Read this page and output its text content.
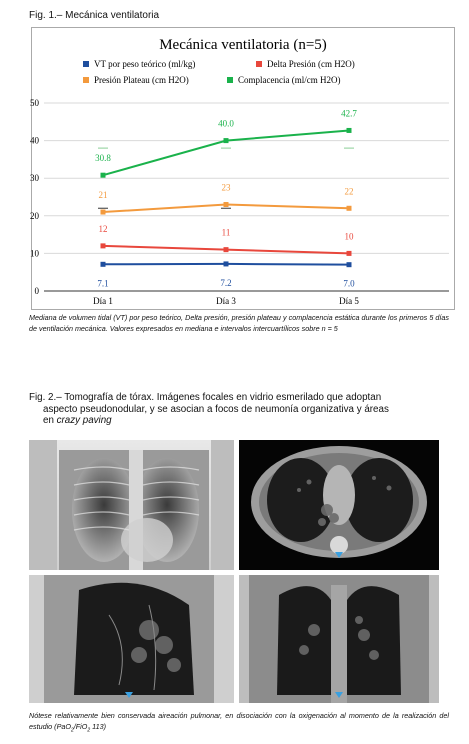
Fig. 1.– Mecánica ventilatoria
Mecánica ventilatoria (n=5)
VT por peso teórico (ml/kg)	Delta Presión (cm H2O)
Presión Plateau (cm H2O)	Complacencia (ml/cm H2O)
0
10
20
30
40
50
Día 1	Día 3	Día 5
7.1	7.2	7.0
12	11	10
21
23	22
30.8
40.0
42.7
Mediana de volumen tidal (VT) por peso teórico, Delta presión, presión plateau y complacencia estática durante los primeros 5 días de ventilación mecánica. Valores expresados en mediana e intervalos intercuartílicos sobre n = 5
Fig. 2.– Tomografía de tórax. Imágenes focales en vidrio esmerilado que adoptan
aspecto pseudonodular, y se asocian a focos de neumonía organizativa y áreas
en crazy paving
Nótese relativamente bien conservada aireación pulmonar, en disociación con la oxigenación al momento de la realización del estudio (PaO$_2$/FiO$_2$ 113)
